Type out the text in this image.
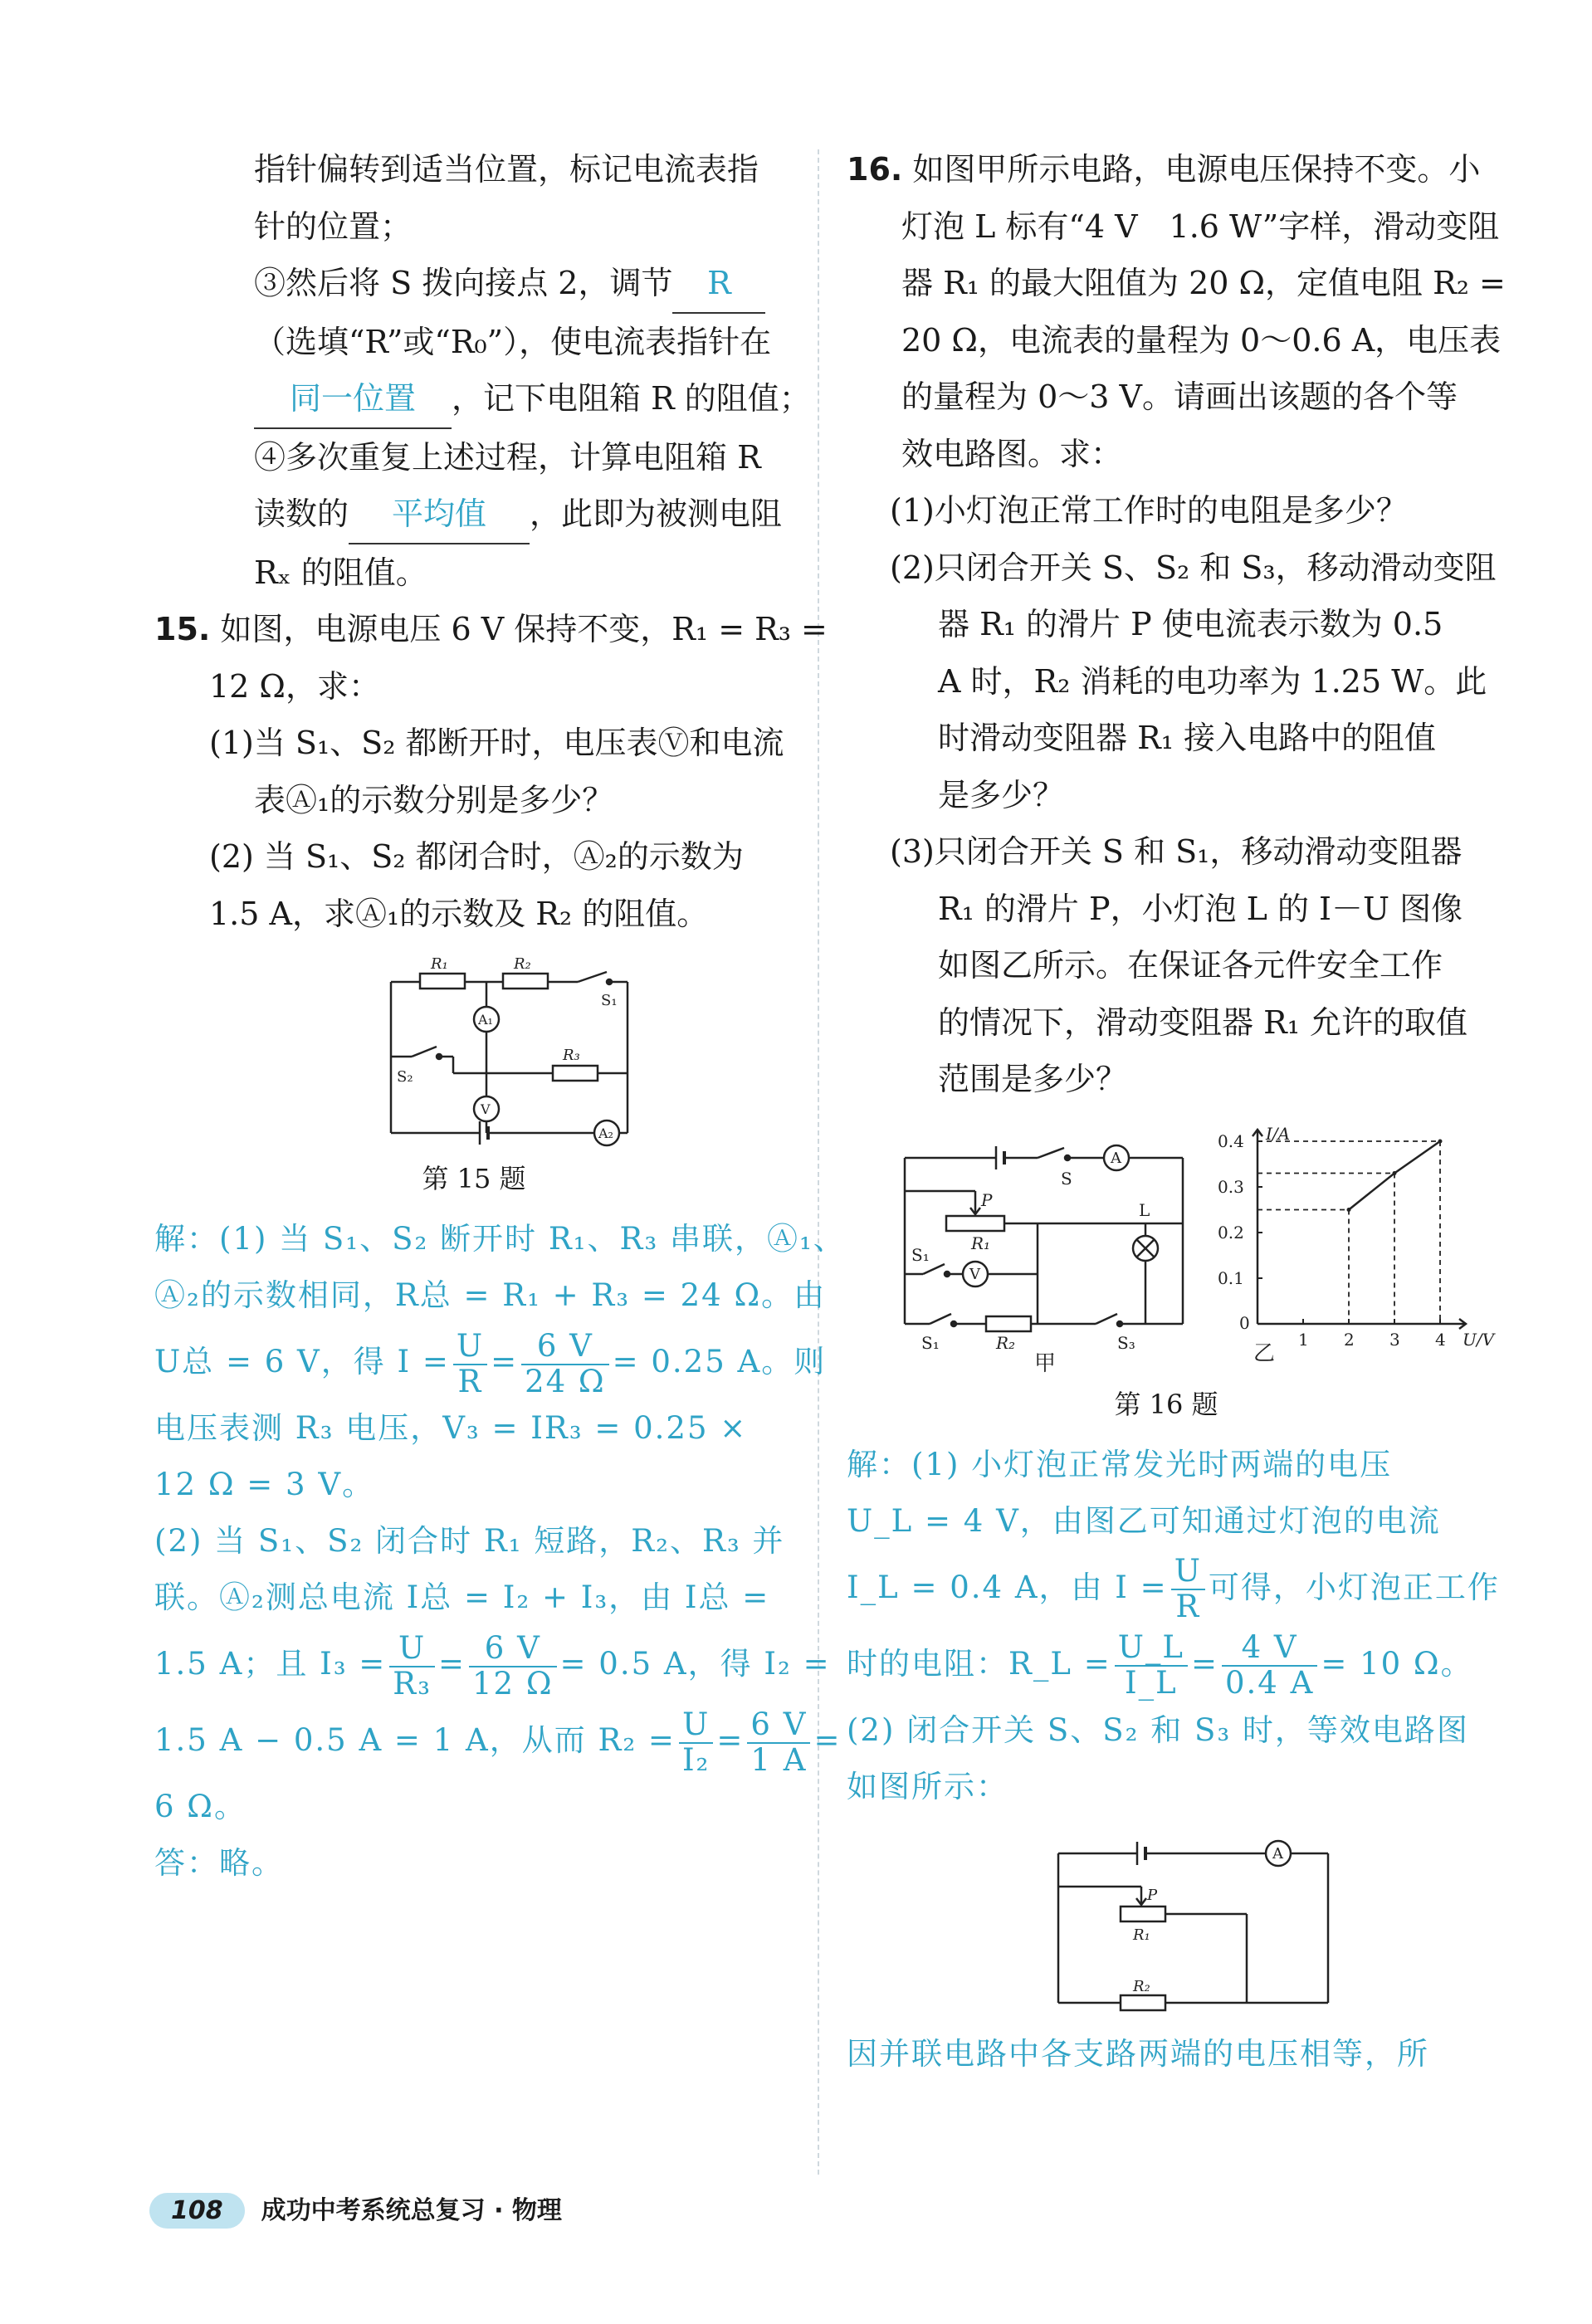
指针偏转到适当位置，标记电流表指
针的位置；
③然后将 S 拨向接点 2，调节 R
（选填“R”或“R₀”），使电流表指针在
同一位置 ，记下电阻箱 R 的阻值；
④多次重复上述过程，计算电阻箱 R
读数的 平均值 ，此即为被测电阻
Rₓ 的阻值。
15. 如图，电源电压 6 V 保持不变，R₁ = R₃ =
12 Ω，求：
(1)当 S₁、S₂ 都断开时，电压表Ⓥ和电流
表Ⓐ₁的示数分别是多少？
(2) 当 S₁、S₂ 都闭合时，Ⓐ₂的示数为
1.5 A，求Ⓐ₁的示数及 R₂ 的阻值。
R₁	R₂
S₁
A₁
R₃
S₂
V
A₂
第 15 题
解：(1) 当 S₁、S₂ 断开时 R₁、R₃ 串联，Ⓐ₁、
Ⓐ₂的示数相同，R总 = R₁ + R₃ = 24 Ω。由
U总 = 6 V，得 $I = \frac{U}{R} = \frac{6 V}{24 \Omega} = 0.25$ A。则
电压表测 R₃ 电压，V₃ = IR₃ = 0.25 ×
12 Ω = 3 V。
(2) 当 S₁、S₂ 闭合时 R₁ 短路，R₂、R₃ 并
联。Ⓐ₂测总电流 I总 = I₂ + I₃，由 I总 =
1.5 A；且 $I_3 = \frac{U}{\text{R₃}} = \frac{6 V}{12 \Omega} = 0.5$ A，得 I₂ =
1.5 A − 0.5 A = 1 A，从而 $R_2 = \frac{U}{\text{I₂}} = \frac{6 V}{1 A}$ =
6 Ω。
答：略。
16. 如图甲所示电路，电源电压保持不变。小
灯泡 L 标有“4 V　1.6 W”字样，滑动变阻
器 R₁ 的最大阻值为 20 Ω，定值电阻 R₂ =
20 Ω，电流表的量程为 0～0.6 A，电压表
的量程为 0～3 V。请画出该题的各个等
效电路图。求：
(1)小灯泡正常工作时的电阻是多少？
(2)只闭合开关 S、S₂ 和 S₃，移动滑动变阻
器 R₁ 的滑片 P 使电流表示数为 0.5
A 时，R₂ 消耗的电功率为 1.25 W。此
时滑动变阻器 R₁ 接入电路中的阻值
是多少？
(3)只闭合开关 S 和 S₁，移动滑动变阻器
R₁ 的滑片 P，小灯泡 L 的 I－U 图像
如图乙所示。在保证各元件安全工作
的情况下，滑动变阻器 R₁ 允许的取值
范围是多少？
S
A
P
R₁
L
S₁
V
S₁	R₂	S₃
甲
I/A
U/V
乙
0
1 2 3 4
0.1
0.2
0.3
0.4
第 16 题
解：(1) 小灯泡正常发光时两端的电压
U_L = 4 V，由图乙可知通过灯泡的电流
I_L = 0.4 A，由 $I = \frac{U}{R}$ 可得，小灯泡正工作
时的电阻：R_L = $\frac{U\_L}{I\_L} = \frac{4 V}{0.4 A} = 10$ Ω。
(2) 闭合开关 S、S₂ 和 S₃ 时，等效电路图
如图所示：
A
P
R₁
R₂
因并联电路中各支路两端的电压相等，所
108 成功中考系统总复习 · 物理
